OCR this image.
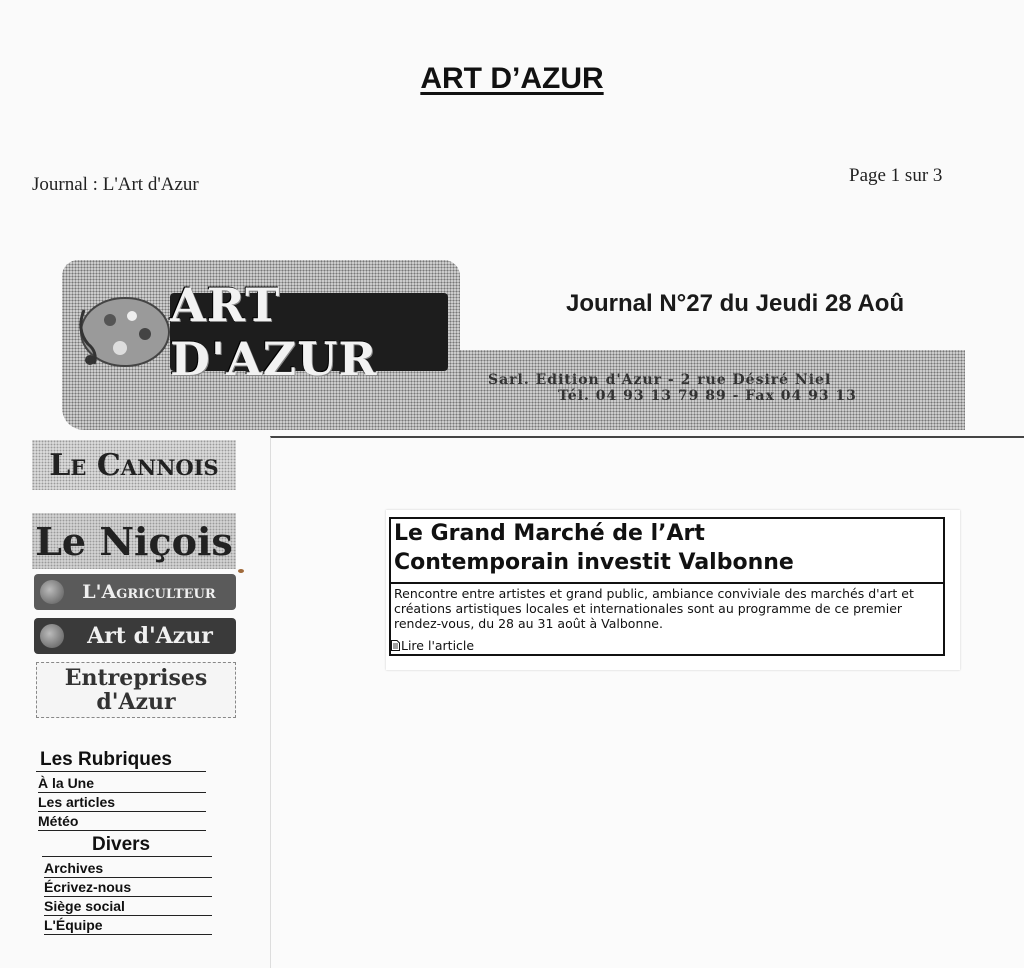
ART D’AZUR
Journal : L'Art d'Azur	Page 1 sur 3
Sarl. Edition d'Azur - 2 rue Désiré Niel
Tél. 04 93 13 79 89 - Fax 04 93 13
ART D'AZUR
Journal N°27 du Jeudi 28 Aoû
Le Cannois
Le Niçois
L'Agriculteur
Art d'Azur
Entreprises
d'Azur
Les Rubriques
À la Une
Les articles
Météo
Divers
Archives
Écrivez-nous
Siège social
L'Équipe
Le Grand Marché de l’Art
Contemporain investit Valbonne
Rencontre entre artistes et grand public, ambiance conviviale des marchés d'art et créations artistiques locales et internationales sont au programme de ce premier rendez-vous, du 28 au 31 août à Valbonne.
Lire l'article
